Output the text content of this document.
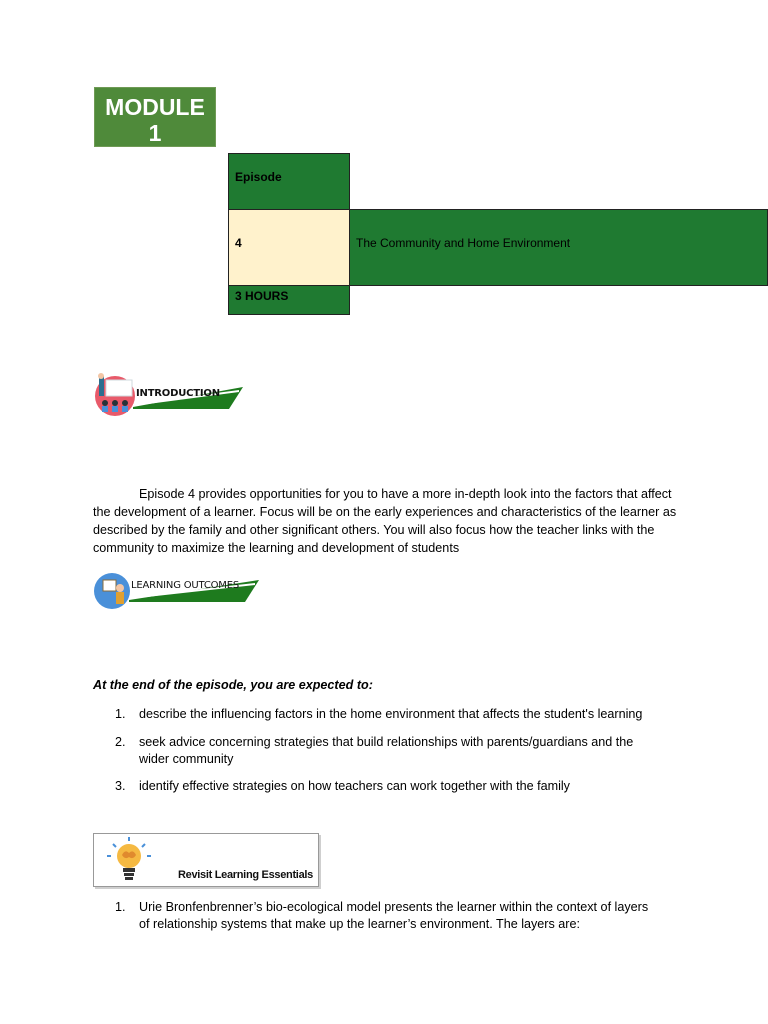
MODULE
1
Episode
4	The Community and Home Environment
3 HOURS
INTRODUCTION
Episode 4 provides opportunities for you to have a more in-depth look into the factors that affect the development of a learner. Focus will be on the early experiences and characteristics of the learner as described by the family and other significant others. You will also focus how the teacher links with the community to maximize the learning and development of students
LEARNING OUTCOMES
At the end of the episode, you are expected to:
1. describe the influencing factors in the home environment that affects the student's learning
2. seek advice concerning strategies that build relationships with parents/guardians and the
wider community
3. identify effective strategies on how teachers can work together with the family
Revisit Learning Essentials
1. Urie Bronfenbrenner’s bio-ecological model presents the learner within the context of layers
of relationship systems that make up the learner’s environment. The layers are:
